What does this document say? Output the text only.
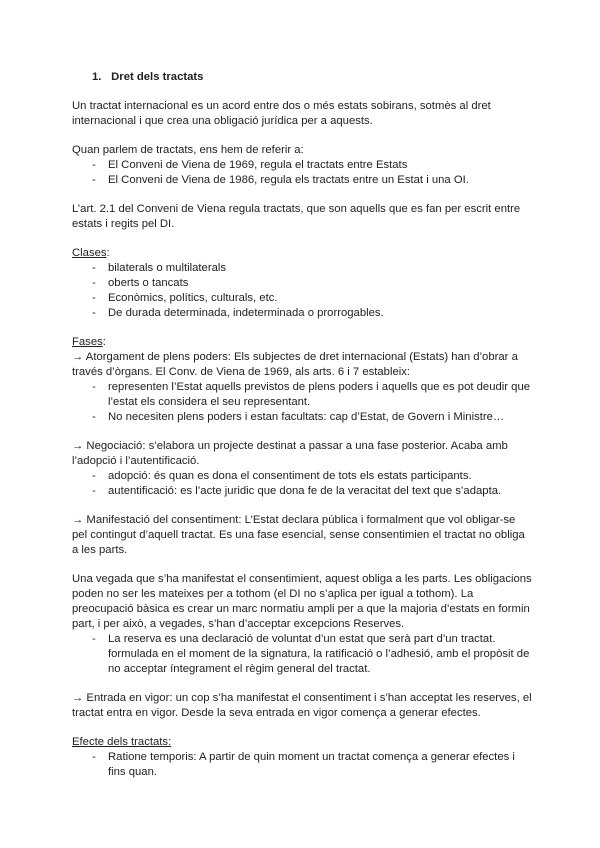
1. Dret dels tractats

Un tractat internacional es un acord entre dos o més estats sobirans, sotmès al dret internacional i que crea una obligació jurídica per a aquests.

Quan parlem de tractats, ens hem de referir a:

- El Conveni de Viena de 1969, regula el tractats entre Estats
- El Conveni de Viena de 1986, regula els tractats entre un Estat i una OI.

L’art. 2.1 del Conveni de Viena regula tractats, que son aquells que es fan per escrit entre estats i regits pel DI.

Clases:

- bilaterals o multilaterals
- oberts o tancats
- Econòmics, polítics, culturals, etc.
- De durada determinada, indeterminada o prorrogables.

Fases:

→ Atorgament de plens poders: Els subjectes de dret internacional (Estats) han d’obrar a través d’òrgans. El Conv. de Viena de 1969, als arts. 6 i 7 estableix:

- representen l’Estat aquells previstos de plens poders i aquells que es pot deudir que l’estat els considera el seu representant.
- No necesiten plens poders i estan facultats: cap d’Estat, de Govern i Ministre…

→ Negociació: s’elabora un projecte destinat a passar a una fase posterior. Acaba amb l’adopció i l’autentificació.

- adopció: és quan es dona el consentiment de tots els estats participants.
- autentificació: es l’acte juridic que dona fe de la veracitat del text que s’adapta.

→ Manifestació del consentiment: L’Estat declara pública i formalment que vol obligar-se pel contingut d’aquell tractat. Es una fase esencial, sense consentimien el tractat no obliga a les parts.

Una vegada que s’ha manifestat el consentimient, aquest obliga a les parts. Les obligacions poden no ser les mateixes per a tothom (el DI no s’aplica per igual a tothom). La preocupació bàsica es crear un marc normatiu ampli per a que la majoria d’estats en formin part, i per això, a vegades, s’han d’acceptar excepcions Reserves.

- La reserva es una declaració de voluntat d’un estat que serà part d’un tractat. formulada en el moment de la signatura, la ratificació o l’adhesió, amb el propòsit de no acceptar íntegrament el règim general del tractat.

→ Entrada en vigor: un cop s’ha manifestat el consentiment i s’han acceptat les reserves, el tractat entra en vigor. Desde la seva entrada en vigor comença a generar efectes.

Efecte dels tractats:

- Ratione temporis: A partir de quin moment un tractat comença a generar efectes i fins quan.
